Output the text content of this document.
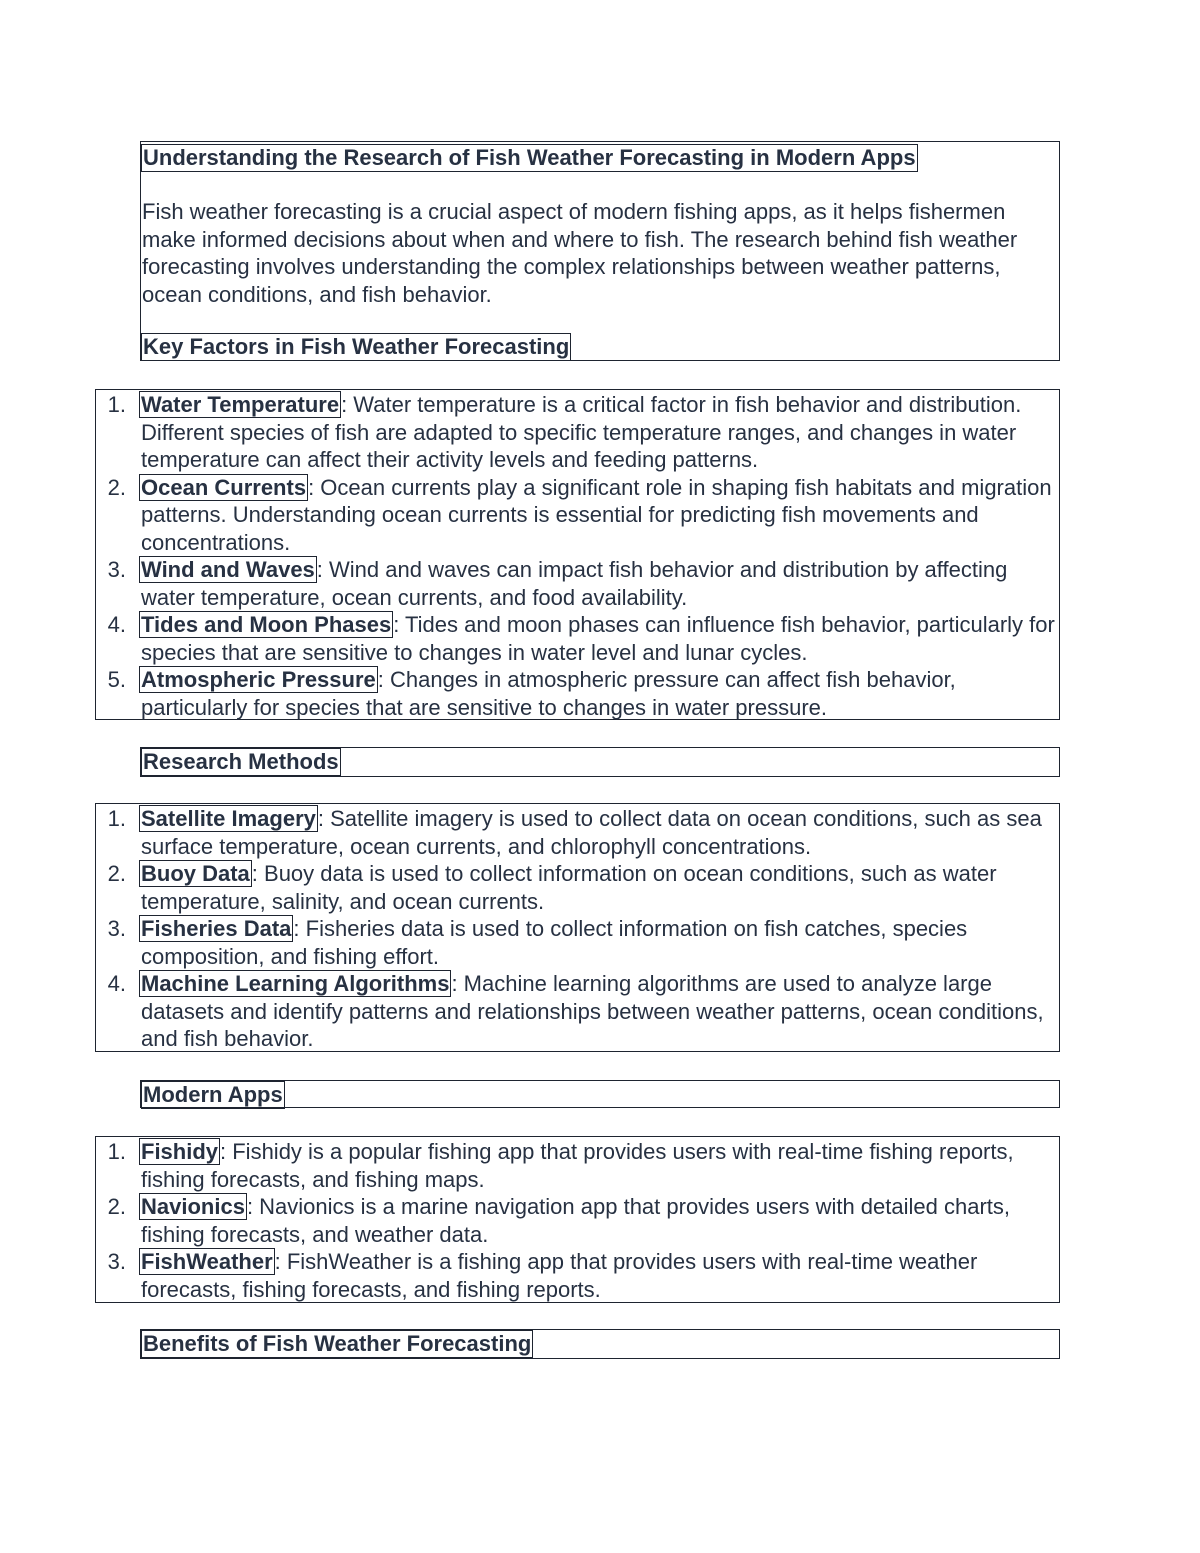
Understanding the Research of Fish Weather Forecasting in Modern Apps

Fish weather forecasting is a crucial aspect of modern fishing apps, as it helps fishermen make informed decisions about when and where to fish. The research behind fish weather forecasting involves understanding the complex relationships between weather patterns, ocean conditions, and fish behavior.

Key Factors in Fish Weather Forecasting
1. Water Temperature: Water temperature is a critical factor in fish behavior and distribution. Different species of fish are adapted to specific temperature ranges, and changes in water temperature can affect their activity levels and feeding patterns.
2. Ocean Currents: Ocean currents play a significant role in shaping fish habitats and migration patterns. Understanding ocean currents is essential for predicting fish movements and concentrations.
3. Wind and Waves: Wind and waves can impact fish behavior and distribution by affecting water temperature, ocean currents, and food availability.
4. Tides and Moon Phases: Tides and moon phases can influence fish behavior, particularly for species that are sensitive to changes in water level and lunar cycles.
5. Atmospheric Pressure: Changes in atmospheric pressure can affect fish behavior, particularly for species that are sensitive to changes in water pressure.
Research Methods
1. Satellite Imagery: Satellite imagery is used to collect data on ocean conditions, such as sea surface temperature, ocean currents, and chlorophyll concentrations.
2. Buoy Data: Buoy data is used to collect information on ocean conditions, such as water temperature, salinity, and ocean currents.
3. Fisheries Data: Fisheries data is used to collect information on fish catches, species composition, and fishing effort.
4. Machine Learning Algorithms: Machine learning algorithms are used to analyze large datasets and identify patterns and relationships between weather patterns, ocean conditions, and fish behavior.
Modern Apps
1. Fishidy: Fishidy is a popular fishing app that provides users with real-time fishing reports, fishing forecasts, and fishing maps.
2. Navionics: Navionics is a marine navigation app that provides users with detailed charts, fishing forecasts, and weather data.
3. FishWeather: FishWeather is a fishing app that provides users with real-time weather forecasts, fishing forecasts, and fishing reports.
Benefits of Fish Weather Forecasting
